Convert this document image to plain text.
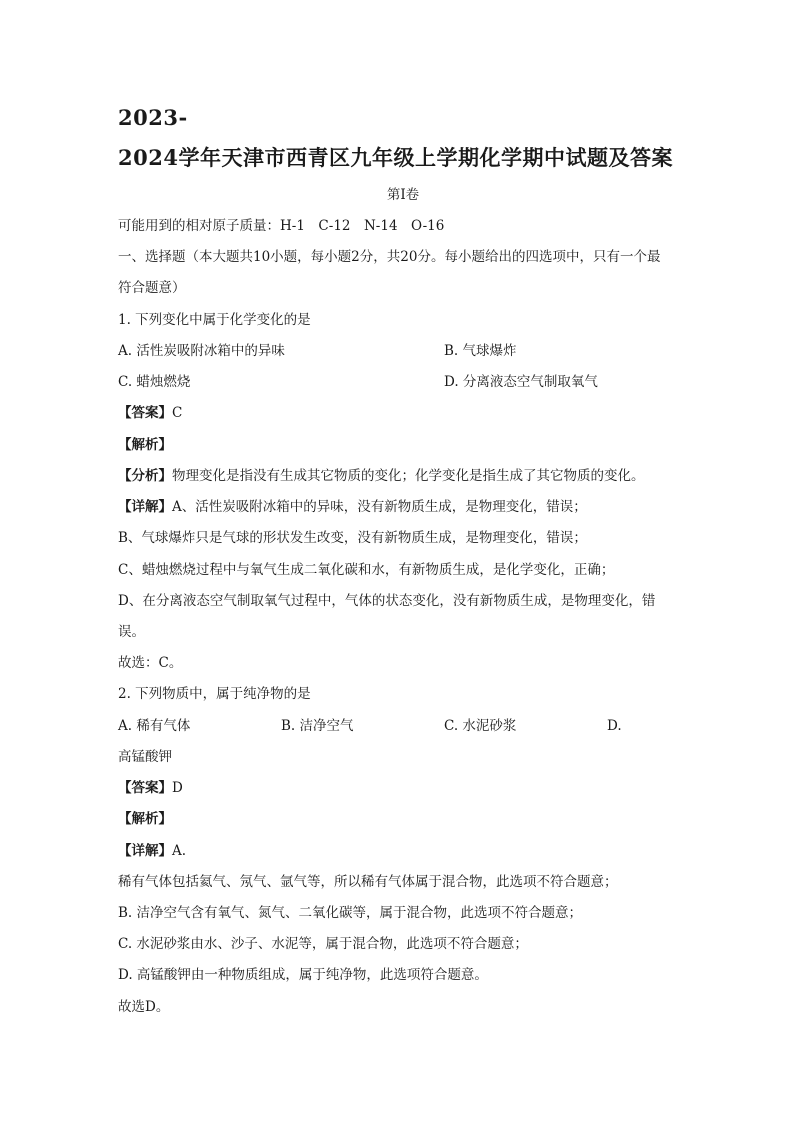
2023-
2024学年天津市西青区九年级上学期化学期中试题及答案
第Ⅰ卷
可能用到的相对原子质量：H-1　C-12　N-14　O-16
一、选择题（本大题共10小题，每小题2分，共20分。每小题给出的四选项中，只有一个最
符合题意）
1. 下列变化中属于化学变化的是
A. 活性炭吸附冰箱中的异味	B. 气球爆炸
C. 蜡烛燃烧	D. 分离液态空气制取氧气
【答案】C
【解析】
【分析】物理变化是指没有生成其它物质的变化；化学变化是指生成了其它物质的变化。
【详解】A、活性炭吸附冰箱中的异味，没有新物质生成，是物理变化，错误；
B、气球爆炸只是气球的形状发生改变，没有新物质生成，是物理变化，错误；
C、蜡烛燃烧过程中与氧气生成二氧化碳和水，有新物质生成，是化学变化，正确；
D、在分离液态空气制取氧气过程中，气体的状态变化，没有新物质生成，是物理变化，错
误。
故选：C。
2. 下列物质中，属于纯净物的是
A. 稀有气体	B. 洁净空气	C. 水泥砂浆	D.
高锰酸钾
【答案】D
【解析】
【详解】A.
稀有气体包括氦气、氖气、氩气等，所以稀有气体属于混合物，此选项不符合题意；
B. 洁净空气含有氧气、氮气、二氧化碳等，属于混合物，此选项不符合题意；
C. 水泥砂浆由水、沙子、水泥等，属于混合物，此选项不符合题意；
D. 高锰酸钾由一种物质组成，属于纯净物，此选项符合题意。
故选D。
